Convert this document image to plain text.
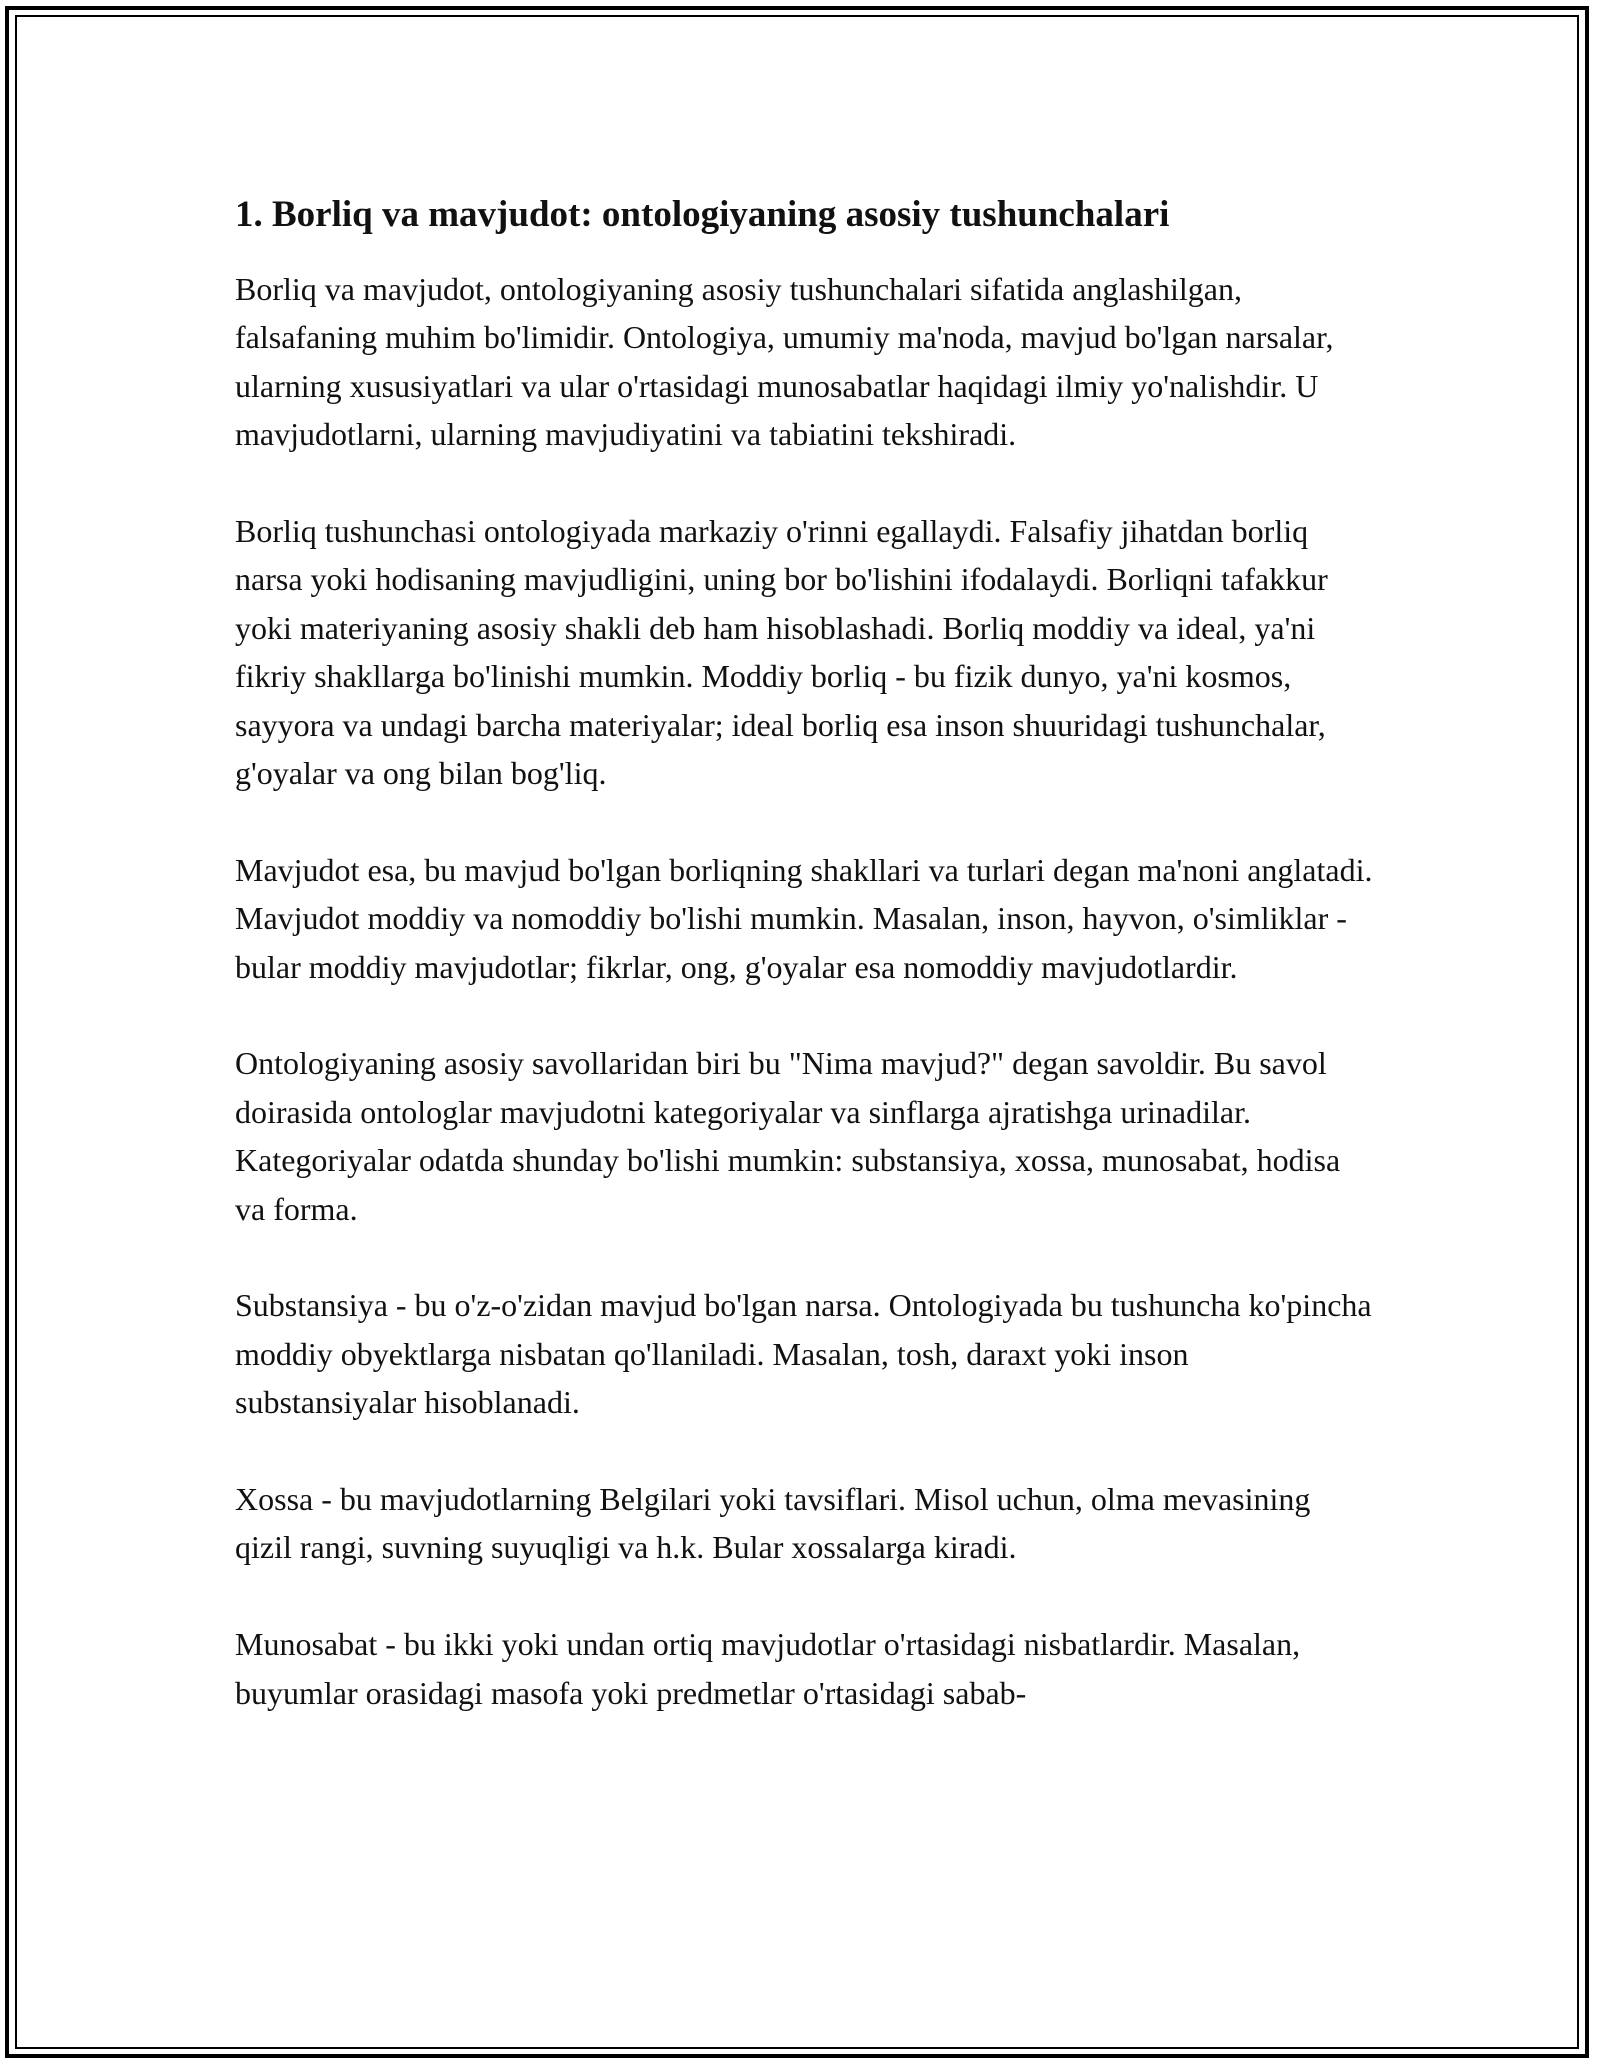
1. Borliq va mavjudot: ontologiyaning asosiy tushunchalari

Borliq va mavjudot, ontologiyaning asosiy tushunchalari sifatida anglashilgan, falsafaning muhim bo'limidir. Ontologiya, umumiy ma'noda, mavjud bo'lgan narsalar, ularning xususiyatlari va ular o'rtasidagi munosabatlar haqidagi ilmiy yo'nalishdir. U mavjudotlarni, ularning mavjudiyatini va tabiatini tekshiradi.

Borliq tushunchasi ontologiyada markaziy o'rinni egallaydi. Falsafiy jihatdan borliq narsa yoki hodisaning mavjudligini, uning bor bo'lishini ifodalaydi. Borliqni tafakkur yoki materiyaning asosiy shakli deb ham hisoblashadi. Borliq moddiy va ideal, ya'ni fikriy shakllarga bo'linishi mumkin. Moddiy borliq - bu fizik dunyo, ya'ni kosmos, sayyora va undagi barcha materiyalar; ideal borliq esa inson shuuridagi tushunchalar, g'oyalar va ong bilan bog'liq.

Mavjudot esa, bu mavjud bo'lgan borliqning shakllari va turlari degan ma'noni anglatadi. Mavjudot moddiy va nomoddiy bo'lishi mumkin. Masalan, inson, hayvon, o'simliklar - bular moddiy mavjudotlar; fikrlar, ong, g'oyalar esa nomoddiy mavjudotlardir.

Ontologiyaning asosiy savollaridan biri bu "Nima mavjud?" degan savoldir. Bu savol doirasida ontologlar mavjudotni kategoriyalar va sinflarga ajratishga urinadilar. Kategoriyalar odatda shunday bo'lishi mumkin: substansiya, xossa, munosabat, hodisa va forma.

Substansiya - bu o'z-o'zidan mavjud bo'lgan narsa. Ontologiyada bu tushuncha ko'pincha moddiy obyektlarga nisbatan qo'llaniladi. Masalan, tosh, daraxt yoki inson substansiyalar hisoblanadi.

Xossa - bu mavjudotlarning Belgilari yoki tavsiflari. Misol uchun, olma mevasining qizil rangi, suvning suyuqligi va h.k. Bular xossalarga kiradi.

Munosabat - bu ikki yoki undan ortiq mavjudotlar o'rtasidagi nisbatlardir. Masalan, buyumlar orasidagi masofa yoki predmetlar o'rtasidagi sabab-
